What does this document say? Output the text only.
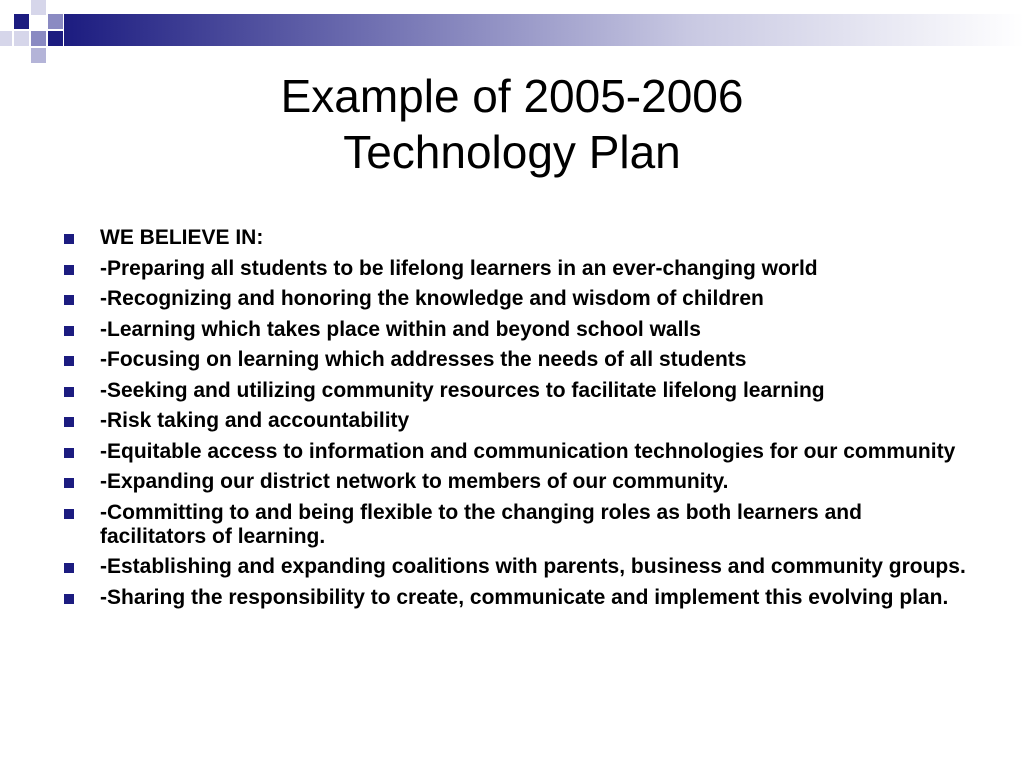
Example of 2005-2006
Technology Plan
WE BELIEVE IN:
-Preparing all students to be lifelong learners in an ever-changing world
-Recognizing and honoring the knowledge and wisdom of children
-Learning which takes place within and beyond school walls
-Focusing on learning which addresses the needs of all students
-Seeking and utilizing community resources to facilitate lifelong learning
-Risk taking and accountability
-Equitable access to information and communication technologies for our community
-Expanding our district network to members of our community.
-Committing to and being flexible to the changing roles as both learners and facilitators of learning.
-Establishing and expanding coalitions with parents, business and community groups.
-Sharing the responsibility to create, communicate and implement this evolving plan.
